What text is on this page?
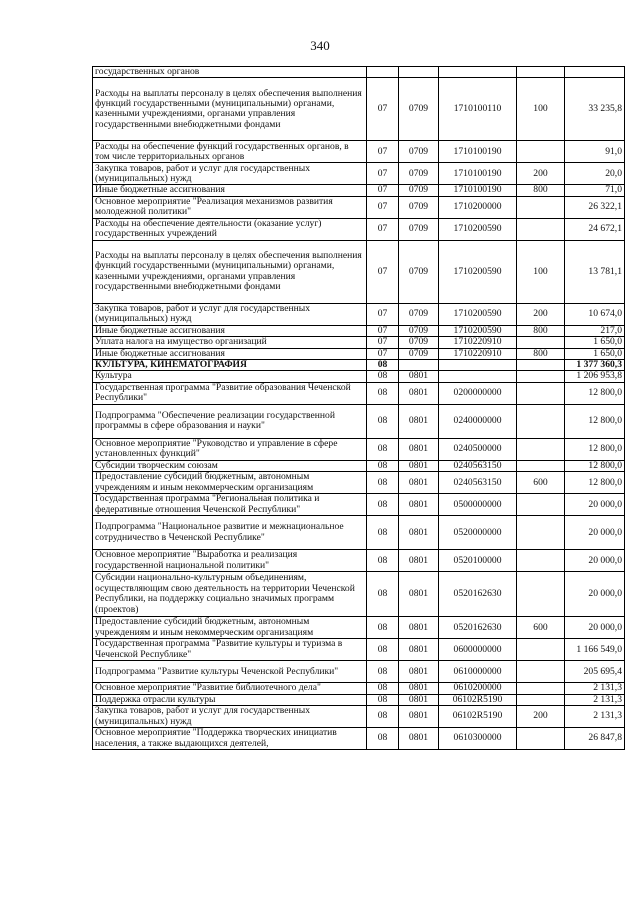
340
государственных органов					
Расходы на выплаты персоналу в целях обеспечения выполнения функций государственными (муниципальными) органами, казенными учреждениями, органами управления государственными внебюджетными фондами	07	0709	1710100110	100	33 235,8
Расходы на обеспечение функций государственных органов, в том числе территориальных органов	07	0709	1710100190		91,0
Закупка товаров, работ и услуг для государственных (муниципальных) нужд	07	0709	1710100190	200	20,0
Иные бюджетные ассигнования	07	0709	1710100190	800	71,0
Основное мероприятие "Реализация механизмов развития молодежной политики"	07	0709	1710200000		26 322,1
Расходы на обеспечение деятельности (оказание услуг) государственных учреждений	07	0709	1710200590		24 672,1
Расходы на выплаты персоналу в целях обеспечения выполнения функций государственными (муниципальными) органами, казенными учреждениями, органами управления государственными внебюджетными фондами	07	0709	1710200590	100	13 781,1
Закупка товаров, работ и услуг для государственных (муниципальных) нужд	07	0709	1710200590	200	10 674,0
Иные бюджетные ассигнования	07	0709	1710200590	800	217,0
Уплата налога на имущество организаций	07	0709	1710220910		1 650,0
Иные бюджетные ассигнования	07	0709	1710220910	800	1 650,0
КУЛЬТУРА, КИНЕМАТОГРАФИЯ	08				1 377 360,3
Культура	08	0801			1 206 953,8
Государственная программа "Развитие образования Чеченской Республики"	08	0801	0200000000		12 800,0
Подпрограмма "Обеспечение реализации государственной программы в сфере образования и науки"	08	0801	0240000000		12 800,0
Основное мероприятие "Руководство и управление в сфере установленных функций"	08	0801	0240500000		12 800,0
Субсидии творческим союзам	08	0801	0240563150		12 800,0
Предоставление субсидий бюджетным, автономным учреждениям и иным некоммерческим организациям	08	0801	0240563150	600	12 800,0
Государственная программа "Региональная политика и федеративные отношения Чеченской Республики"	08	0801	0500000000		20 000,0
Подпрограмма "Национальное развитие и межнациональное сотрудничество в Чеченской Республике"	08	0801	0520000000		20 000,0
Основное мероприятие "Выработка и реализация государственной национальной политики"	08	0801	0520100000		20 000,0
Субсидии национально-культурным объединениям, осуществляющим свою деятельность на территории Чеченской Республики, на поддержку социально значимых программ (проектов)	08	0801	0520162630		20 000,0
Предоставление субсидий бюджетным, автономным учреждениям и иным некоммерческим организациям	08	0801	0520162630	600	20 000,0
Государственная программа "Развитие культуры и туризма в Чеченской Республике"	08	0801	0600000000		1 166 549,0
Подпрограмма "Развитие культуры Чеченской Республики"	08	0801	0610000000		205 695,4
Основное мероприятие "Развитие библиотечного дела"	08	0801	0610200000		2 131,3
Поддержка отрасли культуры	08	0801	06102R5190		2 131,3
Закупка товаров, работ и услуг для государственных (муниципальных) нужд	08	0801	06102R5190	200	2 131,3
Основное мероприятие "Поддержка творческих инициатив населения, а также выдающихся деятелей,	08	0801	0610300000		26 847,8
